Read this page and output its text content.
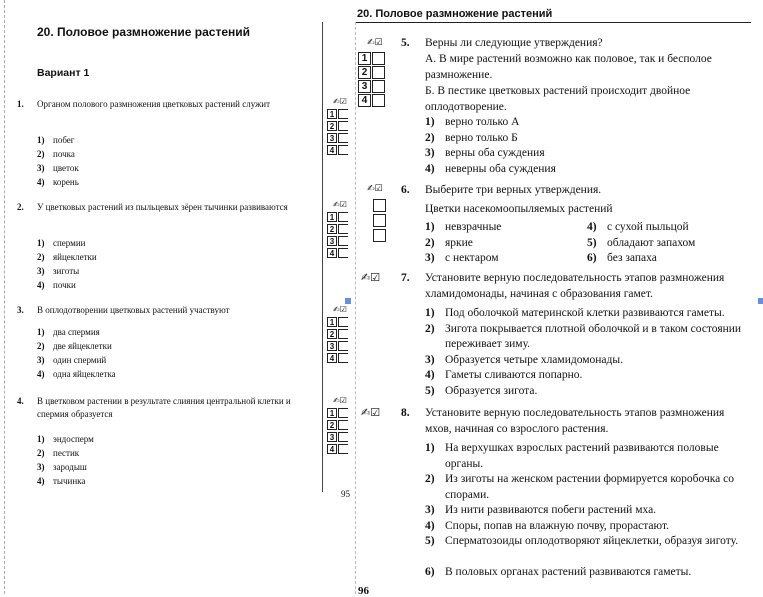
20. Половое размножение растений
Вариант 1
1. Органом полового размножения цветковых растений служит
1) побег
2) почка
3) цветок
4) корень
2. У цветковых растений из пыльцевых зёрен тычинки развиваются
1) спермии
2) яйцеклетки
3) зиготы
4) почки
3. В оплодотворении цветковых растений участвуют
1) два спермия
2) две яйцеклетки
3) один спермий
4) одна яйцеклетка
4. В цветковом растении в результате слияния центральной клетки и спермия образуется
1) эндосперм
2) пестик
3) зародыш
4) тычинка
✍☑
1
2
3
4
✍☑
1
2
3
4
✍☑
1
2
3
4
✍☑
1
2
3
4
95
20. Половое размножение растений
✍☑
1
2
3
4
5. Верны ли следующие утверждения?
А. В мире растений возможно как половое, так и бесполое размножение.
Б. В пестике цветковых растений происходит двойное оплодотворение.
1) верно только А
2) верно только Б
3) верны оба суждения
4) неверны оба суждения
✍☑ 6. Выберите три верных утверждения.
Цветки насекомоопыляемых растений
1) невзрачные
2) яркие
3) с нектаром
4) с сухой пыльцой
5) обладают запахом
6) без запаха
✍☑ 7. Установите верную последовательность этапов размножения хламидомонады, начиная с образования гамет.
1) Под оболочкой материнской клетки развиваются гаметы.
2) Зигота покрывается плотной оболочкой и в таком состоянии переживает зиму.
3) Образуется четыре хламидомонады.
4) Гаметы сливаются попарно.
5) Образуется зигота.
✍☑ 8. Установите верную последовательность этапов размножения мхов, начиная со взрослого растения.
1) На верхушках взрослых растений развиваются половые органы.
2) Из зиготы на женском растении формируется коробочка со спорами.
3) Из нити развиваются побеги растений мха.
4) Споры, попав на влажную почву, прорастают.
5) Сперматозоиды оплодотворяют яйцеклетки, образуя зиготу.
6) В половых органах растений развиваются гаметы.
96
